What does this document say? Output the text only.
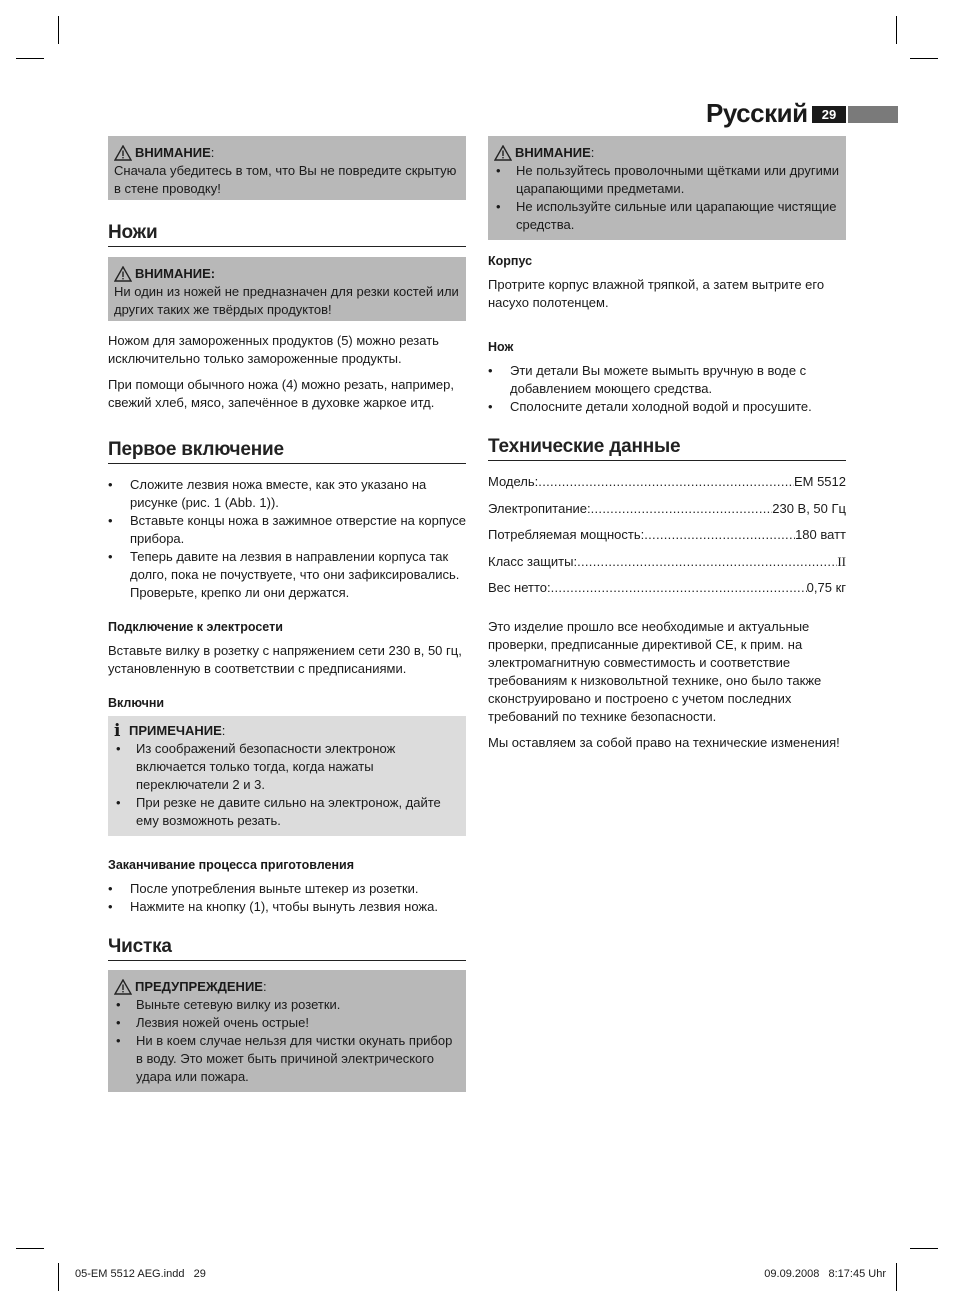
Русский	29
ВНИМАНИЕ :

Сначала убедитесь в том, что Вы не повредите скрытую в стене проводку!

Ножи
ВНИМАНИЕ:

Ни один из ножей не предназначен для резки костей или других таких же твёрдых продуктов!

Ножом для замороженных продуктов (5) можно резать исключительно только замороженные продукты.

При помощи обычного ножа (4) можно резать, например, свежий хлеб, мясо, запечённое в духовке жаркое итд.

Первое включение
• Сложите лезвия ножа вместе, как это указано на рисунке (рис. 1 (Abb. 1)).
• Вставьте концы ножа в зажимное отверстие на корпусе прибора.
• Теперь давите на лезвия в направлении корпуса так долго, пока не почуствуете, что они зафиксировались. Проверьте, крепко ли они держатся.

Подключение к электросети

Вставьте вилку в розетку с напряжением сети 230 в, 50 гц, установленную в соответствии с предписаниями.

Включни

i ПРИМЕЧАНИЕ :
• Из соображений безопасности электронож включается только тогда, когда нажаты переключатели 2 и 3.
• При резке не давите сильно на электронож, дайте ему возможноть резать.

Заканчивание процесса приготовления

• После употребления выньте штекер из розетки.
• Нажмите на кнопку (1), чтобы вынуть лезвия ножа.
Чистка
ПРЕДУПРЕЖДЕНИЕ :
• Выньте сетевую вилку из розетки.
• Лезвия ножей очень острые!
• Ни в коем случае нельзя для чистки окунать прибор в воду. Это может быть причиной электрического удара или пожара.
ВНИМАНИЕ :
• Не пользуйтесь проволочными щётками или другими царапающими предметами.
• Не используйте сильные или царапающие чистящие средства.

Корпус

Протрите корпус влажной тряпкой, а затем вытрите его насухо полотенцем.

Нож

• Эти детали Вы можете вымыть вручную в воде с добавлением моющего средства.
• Сполосните детали холодной водой и просушите.
Технические данные
Модель: .....	EM 5512
Электропитание: .....	230 В, 50 Гц
Потребляемая мощность: .....	180 ватт
Класс защиты: .....	II
Вес нетто: .....	0,75 кг

Это изделие прошло все необходимые и актуальные проверки, предписанные директивой CE, к прим. на электромагнитную совместимость и соответствие требованиям к низковольтной технике, оно было также сконструировано и построено с учетом последних требований по технике безопасности.

Мы оставляем за собой право на технические изменения!

05-EM 5512 AEG.indd   29	09.09.2008   8:17:45 Uhr
